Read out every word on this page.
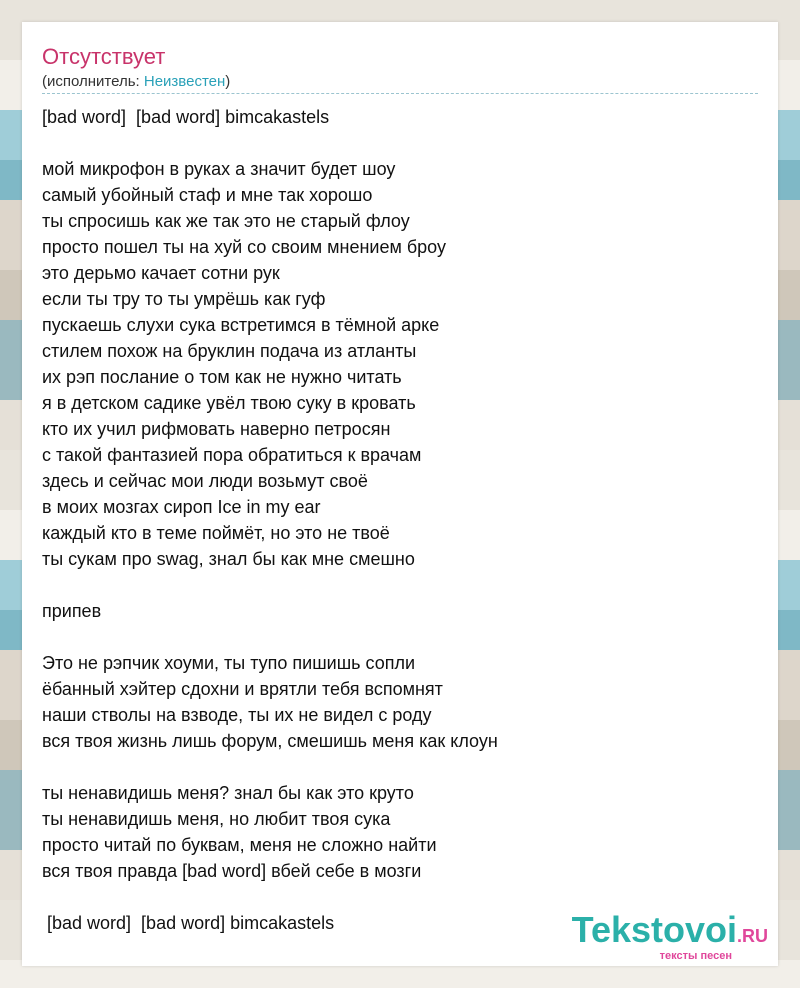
Отсутствует
(исполнитель: Неизвестен)
[bad word]  [bad word] bimcakastels
мой микрофон в руках а значит будет шоу
самый убойный стаф и мне так хорошо
ты спросишь как же так это не старый флоу
просто пошел ты на хуй со своим мнением броу
это дерьмо качает сотни рук
если ты тру то ты умрёшь как гуф
пускаешь слухи сука встретимся в тёмной арке
стилем похож на бруклин подача из атланты
их рэп послание о том как не нужно читать
я в детском садике увёл твою суку в кровать
кто их учил рифмовать наверно петросян
с такой фантазией пора обратиться к врачам
здесь и сейчас мои люди возьмут своё
в моих мозгах сироп Ice in my ear
каждый кто в теме поймёт, но это не твоё
ты сукам про swag, знал бы как мне смешно
припев
Это не рэпчик хоуми, ты тупо пишишь сопли
ёбанный хэйтер сдохни и врятли тебя вспомнят
наши стволы на взводе, ты их не видел с роду
вся твоя жизнь лишь форум, смешишь меня как клоун
ты ненавидишь меня? знал бы как это круто
ты ненавидишь меня, но любит твоя сука
просто читай по буквам, меня не сложно найти
вся твоя правда [bad word] вбей себе в мозги
[bad word]  [bad word] bimcakastels	Tekstovoi.RU
тексты песен
